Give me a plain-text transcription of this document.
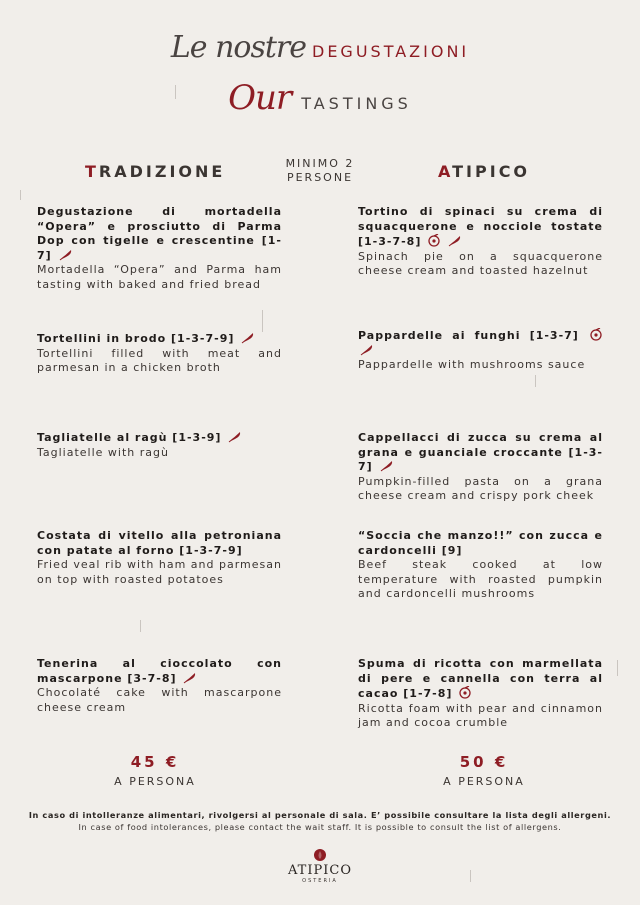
Le nostre DEGUSTAZIONI
Our TASTINGS
TRADIZIONE	MINIMO 2
PERSONE	ATIPICO
Degustazione di mortadella “Opera” e prosciutto di Parma Dop con tigelle e crescentine [1-7]
Mortadella “Opera” and Parma ham tasting with baked and fried bread
Tortellini in brodo [1-3-7-9]
Tortellini filled with meat and parmesan in a chicken broth
Tagliatelle al ragù [1-3-9]
Tagliatelle with ragù
Costata di vitello alla petroniana con patate al forno [1-3-7-9]
Fried veal rib with ham and parmesan on top with roasted potatoes
Tenerina al cioccolato con mascarpone [3-7-8]
Chocolaté cake with mascarpone cheese cream
Tortino di spinaci su crema di squacquerone e nocciole tostate [1-3-7-8]
Spinach pie on a squacquerone cheese cream and toasted hazelnut
Pappardelle ai funghi [1-3-7]
Pappardelle with mushrooms sauce
Cappellacci di zucca su crema al grana e guanciale croccante [1-3-7]
Pumpkin-filled pasta on a grana cheese cream and crispy pork cheek
“Soccia che manzo!!” con zucca e cardoncelli [9]
Beef steak cooked at low temperature with roasted pumpkin and cardoncelli mushrooms
Spuma di ricotta con marmellata di pere e cannella con terra al cacao [1-7-8]
Ricotta foam with pear and cinnamon jam and cocoa crumble
45 €
A PERSONA
50 €
A PERSONA
In caso di intolleranze alimentari, rivolgersi al personale di sala. E’ possibile consultare la lista degli allergeni.
In case of food intolerances, please contact the wait staff. It is possible to consult the list of allergens.
ATIPICO
OSTERIA
